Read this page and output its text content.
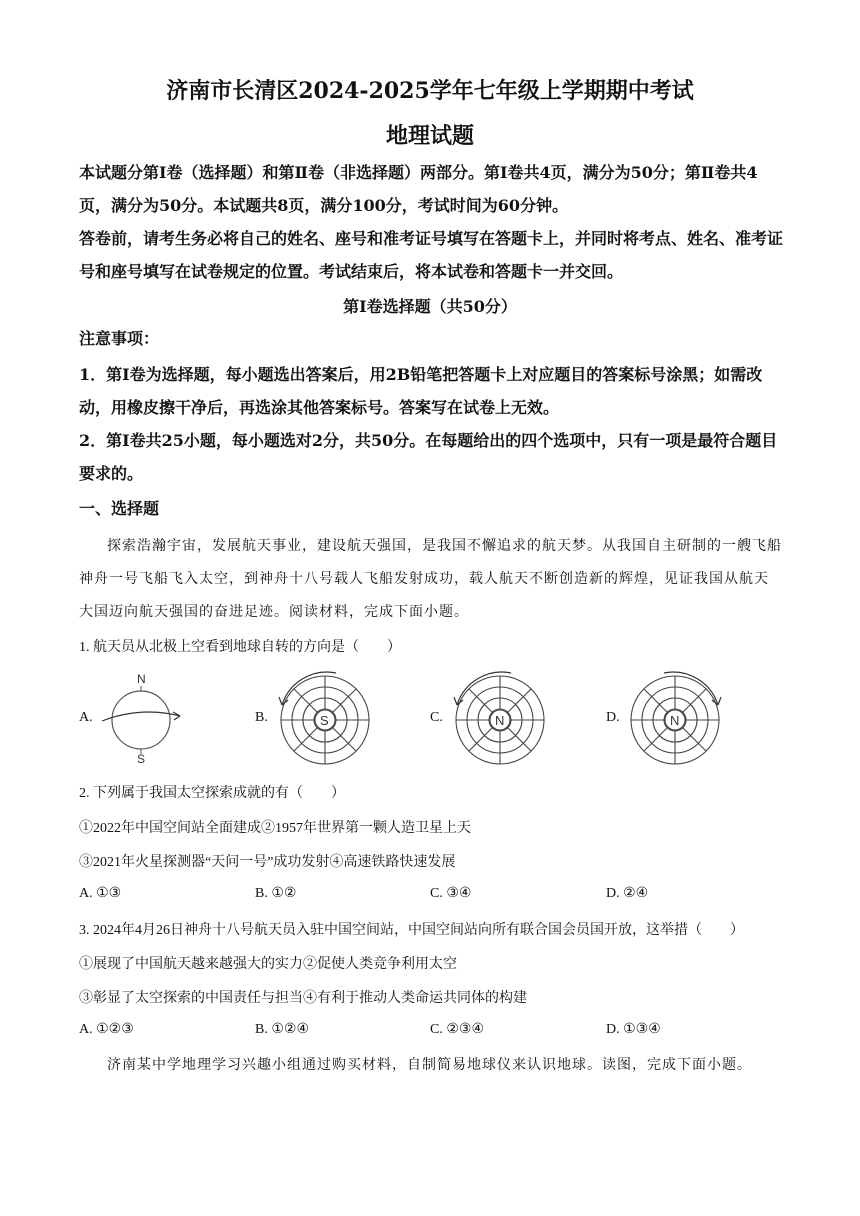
济南市长清区2024-2025学年七年级上学期期中考试
地理试题
本试题分第Ⅰ卷（选择题）和第Ⅱ卷（非选择题）两部分。第Ⅰ卷共4页，满分为50分；第Ⅱ卷共4页，满分为50分。本试题共8页，满分100分，考试时间为60分钟。
答卷前，请考生务必将自己的姓名、座号和准考证号填写在答题卡上，并同时将考点、姓名、准考证号和座号填写在试卷规定的位置。考试结束后，将本试卷和答题卡一并交回。
第Ⅰ卷选择题（共50分）
注意事项：
1．第Ⅰ卷为选择题，每小题选出答案后，用2B铅笔把答题卡上对应题目的答案标号涂黑；如需改动，用橡皮擦干净后，再选涂其他答案标号。答案写在试卷上无效。
2．第Ⅰ卷共25小题，每小题选对2分，共50分。在每题给出的四个选项中，只有一项是最符合题目要求的。
一、选择题
探索浩瀚宇宙，发展航天事业，建设航天强国，是我国不懈追求的航天梦。从我国自主研制的一艘飞船神舟一号飞船飞入太空，到神舟十八号载人飞船发射成功，载人航天不断创造新的辉煌，见证我国从航天大国迈向航天强国的奋进足迹。阅读材料，完成下面小题。
1. 航天员从北极上空看到地球自转的方向是（　　）
A.
N
S
B.	S	C.	N	D.	N
2. 下列属于我国太空探索成就的有（　　）
①2022年中国空间站全面建成②1957年世界第一颗人造卫星上天
③2021年火星探测器“天问一号”成功发射④高速铁路快速发展
A. ①③	B. ①②	C. ③④	D. ②④
3. 2024年4月26日神舟十八号航天员入驻中国空间站，中国空间站向所有联合国会员国开放，这举措（　　）
①展现了中国航天越来越强大的实力②促使人类竞争利用太空
③彰显了太空探索的中国责任与担当④有利于推动人类命运共同体的构建
A. ①②③	B. ①②④	C. ②③④	D. ①③④
济南某中学地理学习兴趣小组通过购买材料，自制简易地球仪来认识地球。读图，完成下面小题。
